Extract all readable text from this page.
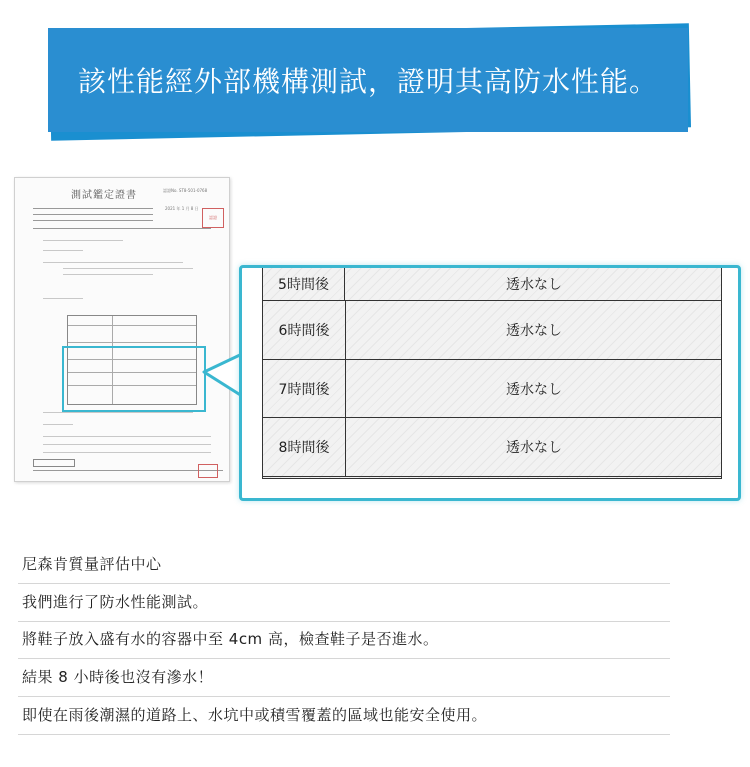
該性能經外部機構測試，證明其高防水性能。
測試鑑定證書	認證No. ST8-501-0768
2021 年 1 月 8 日
認證
5時間後	透水なし
6時間後	透水なし
7時間後	透水なし
8時間後	透水なし
尼森肯質量評估中心
我們進行了防水性能測試。
將鞋子放入盛有水的容器中至 4cm 高，檢查鞋子是否進水。
結果 8 小時後也沒有滲水！
即使在雨後潮濕的道路上、水坑中或積雪覆蓋的區域也能安全使用。
